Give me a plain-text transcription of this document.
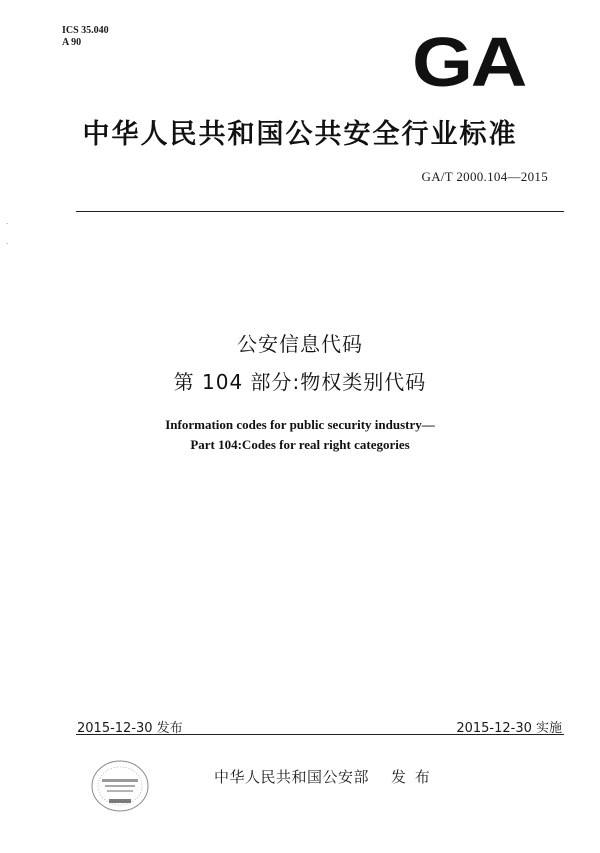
ICS 35.040
A 90	GA
中华人民共和国公共安全行业标准
GA/T 2000.104—2015
·
·
公安信息代码
第 104 部分:物权类别代码
Information codes for public security industry—
Part 104:Codes for real right categories
2015-12-30 发布	2015-12-30 实施
中华人民共和国公安部 发 布
